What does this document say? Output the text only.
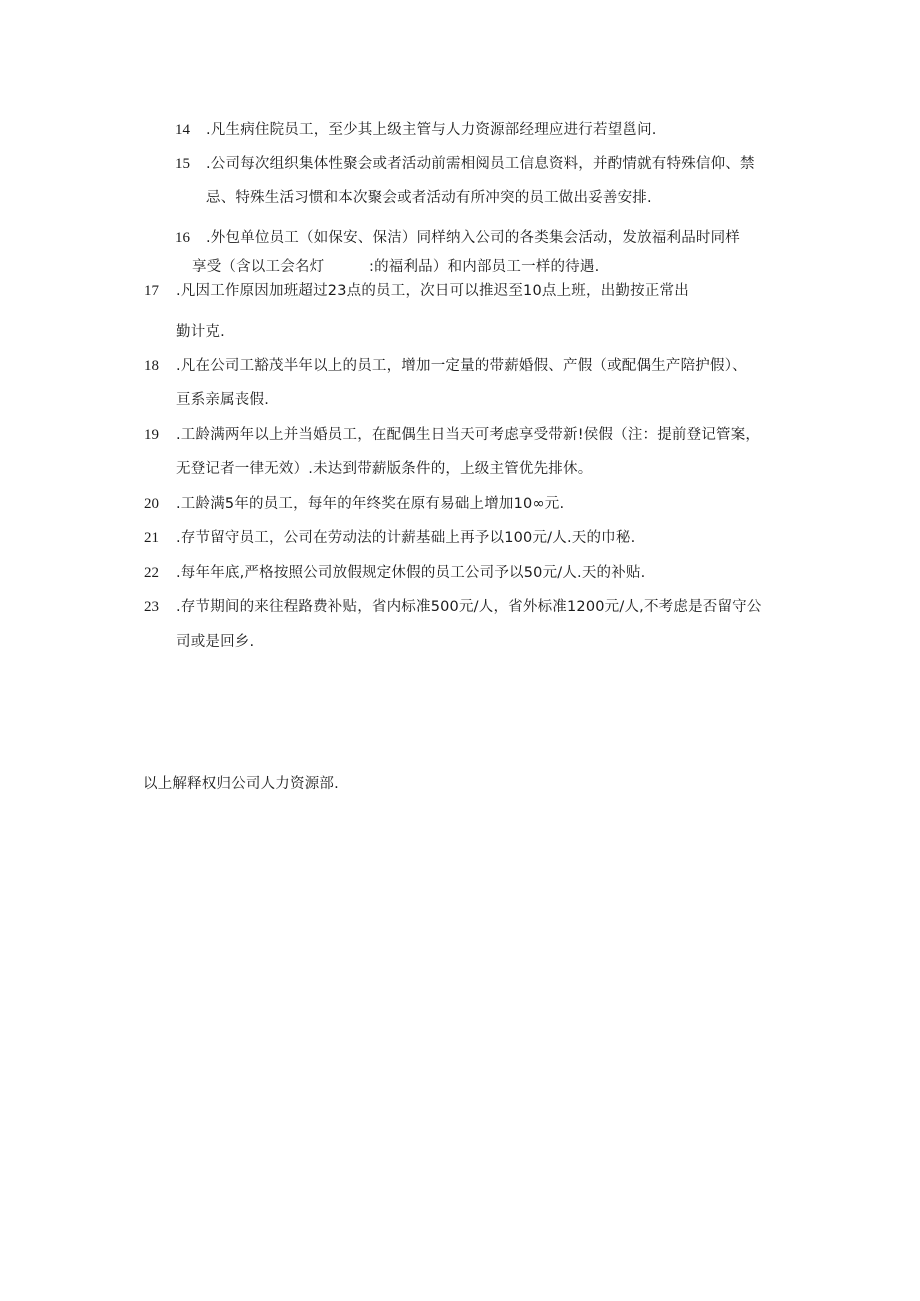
14 .凡生病住院员工，至少其上级主管与人力资源部经理应进行若望邕问.
15 .公司每次组织集体性聚会或者活动前需相阅员工信息资料，并酌情就有特殊信仰、禁
忌、特殊生活习惯和本次聚会或者活动有所冲突的员工做出妥善安排.
16 .外包单位员工（如保安、保洁）同样纳入公司的各类集会活动，发放福利品时同样
享受（含以工会名灯	:的福利品）和内部员工一样的待遇.
17 .凡因工作原因加班超过23点的员工，次日可以推迟至10点上班，出勤按正常出
勤计克.
18 .凡在公司工豁茂半年以上的员工，增加一定量的带薪婚假、产假（或配偶生产陪护假）、
亘系亲属丧假.
19 .工龄满两年以上并当婚员工，在配偶生日当天可考虑享受带新!侯假（注：提前登记管案，
无登记者一律无效）.未达到带薪版条件的，上级主管优先排休。
20 .工龄满5年的员工，每年的年终奖在原有易础上增加10∞元.
21 .存节留守员工，公司在劳动法的计薪基础上再予以100元/人.天的巾秘.
22 .每年年底,严格按照公司放假规定休假的员工公司予以50元/人.天的补贴.
23 .存节期间的来往程路费补贴，省内标准500元/人，省外标准1200元/人,不考虑是否留守公
司或是回乡.
以上解释权归公司人力资源部.
